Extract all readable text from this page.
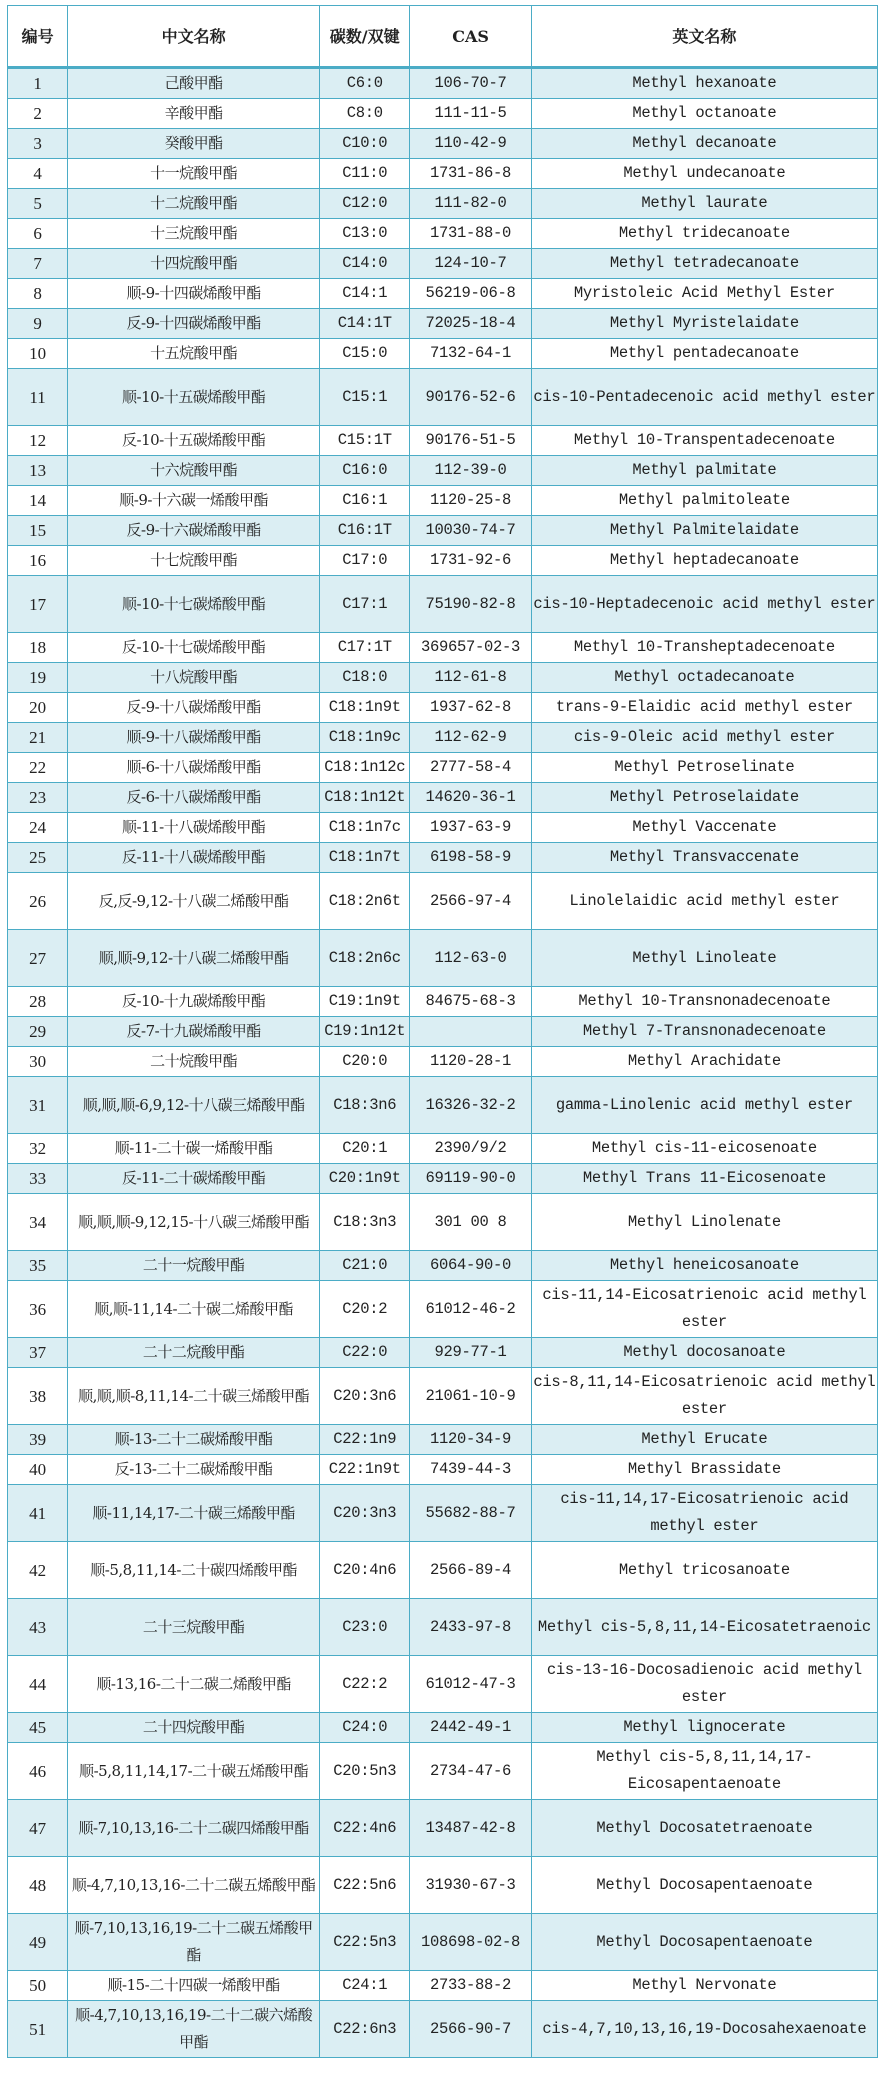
编号	中文名称	碳数/双键	CAS	英文名称
1	己酸甲酯	C6:0	106-70-7	Methyl hexanoate
2	辛酸甲酯	C8:0	111-11-5	Methyl octanoate
3	癸酸甲酯	C10:0	110-42-9	Methyl decanoate
4	十一烷酸甲酯	C11:0	1731-86-8	Methyl undecanoate
5	十二烷酸甲酯	C12:0	111-82-0	Methyl laurate
6	十三烷酸甲酯	C13:0	1731-88-0	Methyl tridecanoate
7	十四烷酸甲酯	C14:0	124-10-7	Methyl tetradecanoate
8	顺-9-十四碳烯酸甲酯	C14:1	56219-06-8	Myristoleic Acid Methyl Ester
9	反-9-十四碳烯酸甲酯	C14:1T	72025-18-4	Methyl Myristelaidate
10	十五烷酸甲酯	C15:0	7132-64-1	Methyl pentadecanoate
11	顺-10-十五碳烯酸甲酯	C15:1	90176-52-6	cis-10-Pentadecenoic acid methyl ester
12	反-10-十五碳烯酸甲酯	C15:1T	90176-51-5	Methyl 10-Transpentadecenoate
13	十六烷酸甲酯	C16:0	112-39-0	Methyl palmitate
14	顺-9-十六碳一烯酸甲酯	C16:1	1120-25-8	Methyl palmitoleate
15	反-9-十六碳烯酸甲酯	C16:1T	10030-74-7	Methyl Palmitelaidate
16	十七烷酸甲酯	C17:0	1731-92-6	Methyl heptadecanoate
17	顺-10-十七碳烯酸甲酯	C17:1	75190-82-8	cis-10-Heptadecenoic acid methyl ester
18	反-10-十七碳烯酸甲酯	C17:1T	369657-02-3	Methyl 10-Transheptadecenoate
19	十八烷酸甲酯	C18:0	112-61-8	Methyl octadecanoate
20	反-9-十八碳烯酸甲酯	C18:1n9t	1937-62-8	trans-9-Elaidic acid methyl ester
21	顺-9-十八碳烯酸甲酯	C18:1n9c	112-62-9	cis-9-Oleic acid methyl ester
22	顺-6-十八碳烯酸甲酯	C18:1n12c	2777-58-4	Methyl Petroselinate
23	反-6-十八碳烯酸甲酯	C18:1n12t	14620-36-1	Methyl Petroselaidate
24	顺-11-十八碳烯酸甲酯	C18:1n7c	1937-63-9	Methyl Vaccenate
25	反-11-十八碳烯酸甲酯	C18:1n7t	6198-58-9	Methyl Transvaccenate
26	反,反-9,12-十八碳二烯酸甲酯	C18:2n6t	2566-97-4	Linolelaidic acid methyl ester
27	顺,顺-9,12-十八碳二烯酸甲酯	C18:2n6c	112-63-0	Methyl Linoleate
28	反-10-十九碳烯酸甲酯	C19:1n9t	84675-68-3	Methyl 10-Transnonadecenoate
29	反-7-十九碳烯酸甲酯	C19:1n12t		Methyl 7-Transnonadecenoate
30	二十烷酸甲酯	C20:0	1120-28-1	Methyl Arachidate
31	顺,顺,顺-6,9,12-十八碳三烯酸甲酯	C18:3n6	16326-32-2	gamma-Linolenic acid methyl ester
32	顺-11-二十碳一烯酸甲酯	C20:1	2390/9/2	Methyl cis-11-eicosenoate
33	反-11-二十碳烯酸甲酯	C20:1n9t	69119-90-0	Methyl Trans 11-Eicosenoate
34	顺,顺,顺-9,12,15-十八碳三烯酸甲酯	C18:3n3	301 00 8	Methyl Linolenate
35	二十一烷酸甲酯	C21:0	6064-90-0	Methyl heneicosanoate
36	顺,顺-11,14-二十碳二烯酸甲酯	C20:2	61012-46-2	cis-11,14-Eicosatrienoic acid methyl ester
37	二十二烷酸甲酯	C22:0	929-77-1	Methyl docosanoate
38	顺,顺,顺-8,11,14-二十碳三烯酸甲酯	C20:3n6	21061-10-9	cis-8,11,14-Eicosatrienoic acid methyl ester
39	顺-13-二十二碳烯酸甲酯	C22:1n9	1120-34-9	Methyl Erucate
40	反-13-二十二碳烯酸甲酯	C22:1n9t	7439-44-3	Methyl Brassidate
41	顺-11,14,17-二十碳三烯酸甲酯	C20:3n3	55682-88-7	cis-11,14,17-Eicosatrienoic acid methyl ester
42	顺-5,8,11,14-二十碳四烯酸甲酯	C20:4n6	2566-89-4	Methyl tricosanoate
43	二十三烷酸甲酯	C23:0	2433-97-8	Methyl cis-5,8,11,14-Eicosatetraenoic
44	顺-13,16-二十二碳二烯酸甲酯	C22:2	61012-47-3	cis-13-16-Docosadienoic acid methyl ester
45	二十四烷酸甲酯	C24:0	2442-49-1	Methyl lignocerate
46	顺-5,8,11,14,17-二十碳五烯酸甲酯	C20:5n3	2734-47-6	Methyl cis-5,8,11,14,17-Eicosapentaenoate
47	顺-7,10,13,16-二十二碳四烯酸甲酯	C22:4n6	13487-42-8	Methyl Docosatetraenoate
48	顺-4,7,10,13,16-二十二碳五烯酸甲酯	C22:5n6	31930-67-3	Methyl Docosapentaenoate
49	顺-7,10,13,16,19-二十二碳五烯酸甲酯	C22:5n3	108698-02-8	Methyl Docosapentaenoate
50	顺-15-二十四碳一烯酸甲酯	C24:1	2733-88-2	Methyl Nervonate
51	顺-4,7,10,13,16,19-二十二碳六烯酸甲酯	C22:6n3	2566-90-7	cis-4,7,10,13,16,19-Docosahexaenoate
